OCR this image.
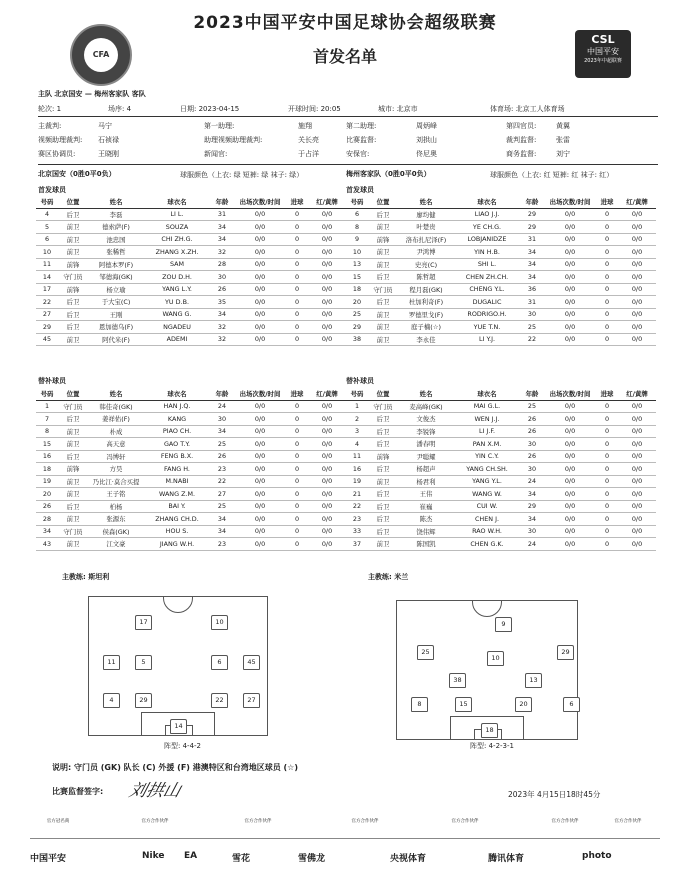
CFA
2023中国平安中国足球协会超级联赛
首发名单
CSL
中国平安
2023年中超联赛
主队 北京国安 — 梅州客家队 客队
轮次: 1	场序: 4	日期: 2023-04-15	开球时间: 20:05	城市: 北京市	体育场: 北京工人体育场
主裁判:	马宁	第一助理:	施翔	第二助理:	周炳峰	第四官员:	黄翼
视频助理裁判: 石祯禄	助理视频助理裁判:	关长亮	比赛监督:	刘拱山	裁判监督:	张雷
赛区协调员:	王晓刚	新闻官:	于占洋	安保官:	佟尼奥	商务监督:	刘宁
北京国安（0胜0平0负）	球服颜色（上衣: 绿 短裤: 绿 袜子: 绿）	梅州客家队（0胜0平0负）	球服颜色（上衣: 红 短裤: 红 袜子: 红）
首发球员	首发球员
号码	位置	姓名	球衣名	年龄	出场次数/时间	进球	红/黄牌
4	后卫	李磊	LI L.	31	0/0	0	0/0
5	前卫	德索萨(F)	SOUZA	34	0/0	0	0/0
6	前卫	池忠国	CHI ZH.G.	34	0/0	0	0/0
10	前卫	张稀哲	ZHANG X.ZH.	32	0/0	0	0/0
11	前锋	阿德本罗(F)	SAM	28	0/0	0	0/0
14	守门员	邹德海(GK)	ZOU D.H.	30	0/0	0	0/0
17	前锋	杨立瑜	YANG L.Y.	26	0/0	0	0/0
22	后卫	于大宝(C)	YU D.B.	35	0/0	0	0/0
27	后卫	王刚	WANG G.	34	0/0	0	0/0
29	后卫	恩加德乌(F)	NGADEU	32	0/0	0	0/0
45	前卫	阿代米(F)	ADEMI	32	0/0	0	0/0
号码	位置	姓名	球衣名	年龄	出场次数/时间	进球	红/黄牌
6	后卫	廖均健	LIAO J.J.	29	0/0	0	0/0
8	前卫	叶楚贵	YE CH.G.	29	0/0	0	0/0
9	前锋	洛布扎尼泽(F)	LOBJANIDZE	31	0/0	0	0/0
10	前卫	尹鸿博	YIN H.B.	34	0/0	0	0/0
13	前卫	史亮(C)	SHI L.	34	0/0	0	0/0
15	后卫	陈哲超	CHEN ZH.CH.	34	0/0	0	0/0
18	守门员	程月磊(GK)	CHENG Y.L.	36	0/0	0	0/0
20	后卫	杜加利奇(F)	DUGALIC	31	0/0	0	0/0
25	前卫	罗德里戈(F)	RODRIGO.H.	30	0/0	0	0/0
29	前卫	庭子楠(☆)	YUE T.N.	25	0/0	0	0/0
38	前卫	李永佳	LI Y.J.	22	0/0	0	0/0
替补球员	替补球员
号码	位置	姓名	球衣名	年龄	出场次数/时间	进球	红/黄牌
1	守门员	韩佳奇(GK)	HAN J.Q.	24	0/0	0	0/0
7	后卫	姜祥佑(F)	KANG	30	0/0	0	0/0
8	前卫	朴成	PIAO CH.	34	0/0	0	0/0
15	前卫	高天意	GAO T.Y.	25	0/0	0	0/0
16	后卫	冯博轩	FENG B.X.	26	0/0	0	0/0
18	前锋	方昊	FANG H.	23	0/0	0	0/0
19	前卫	乃比江·莫合买提	M.NABI	22	0/0	0	0/0
20	前卫	王子铭	WANG Z.M.	27	0/0	0	0/0
26	后卫	柏杨	BAI Y.	25	0/0	0	0/0
28	前卫	张源东	ZHANG CH.D.	34	0/0	0	0/0
34	守门员	侯森(GK)	HOU S.	34	0/0	0	0/0
43	前卫	江文豪	JIANG W.H.	23	0/0	0	0/0
号码	位置	姓名	球衣名	年龄	出场次数/时间	进球	红/黄牌
1	守门员	麦高峰(GK)	MAI G.L.	25	0/0	0	0/0
2	后卫	文俊杰	WEN J.J.	26	0/0	0	0/0
3	后卫	李锐锋	LI J.F.	26	0/0	0	0/0
4	后卫	潘春明	PAN X.M.	30	0/0	0	0/0
11	前锋	尹聪耀	YIN C.Y.	26	0/0	0	0/0
16	后卫	杨超声	YANG CH.SH.	30	0/0	0	0/0
19	前卫	杨君利	YANG Y.L.	24	0/0	0	0/0
21	后卫	王伟	WANG W.	34	0/0	0	0/0
22	后卫	崔巍	CUI W.	29	0/0	0	0/0
23	后卫	陈杰	CHEN J.	34	0/0	0	0/0
33	后卫	饶伟辉	RAO W.H.	30	0/0	0	0/0
37	前卫	陈国凯	CHEN G.K.	24	0/0	0	0/0
主教练: 斯坦利	主教练: 米兰
17	10
11	5	6	45
4	29	22	27
14
9
25
10
29
38	13
8	15	20	6
18
阵型: 4-4-2	阵型: 4-2-3-1
说明: 守门员 (GK) 队长 (C) 外援 (F) 港澳特区和台湾地区球员 (☆)
比赛监督签字: 刘拱山	2023年 4月15日18时45分
官方冠名商	官方合作伙伴	官方合作伙伴	官方合作伙伴	官方合作伙伴	官方合作伙伴	官方合作伙伴
中国平安	Nike EA	雪花	雪佛龙	央视体育	腾讯体育	photo
